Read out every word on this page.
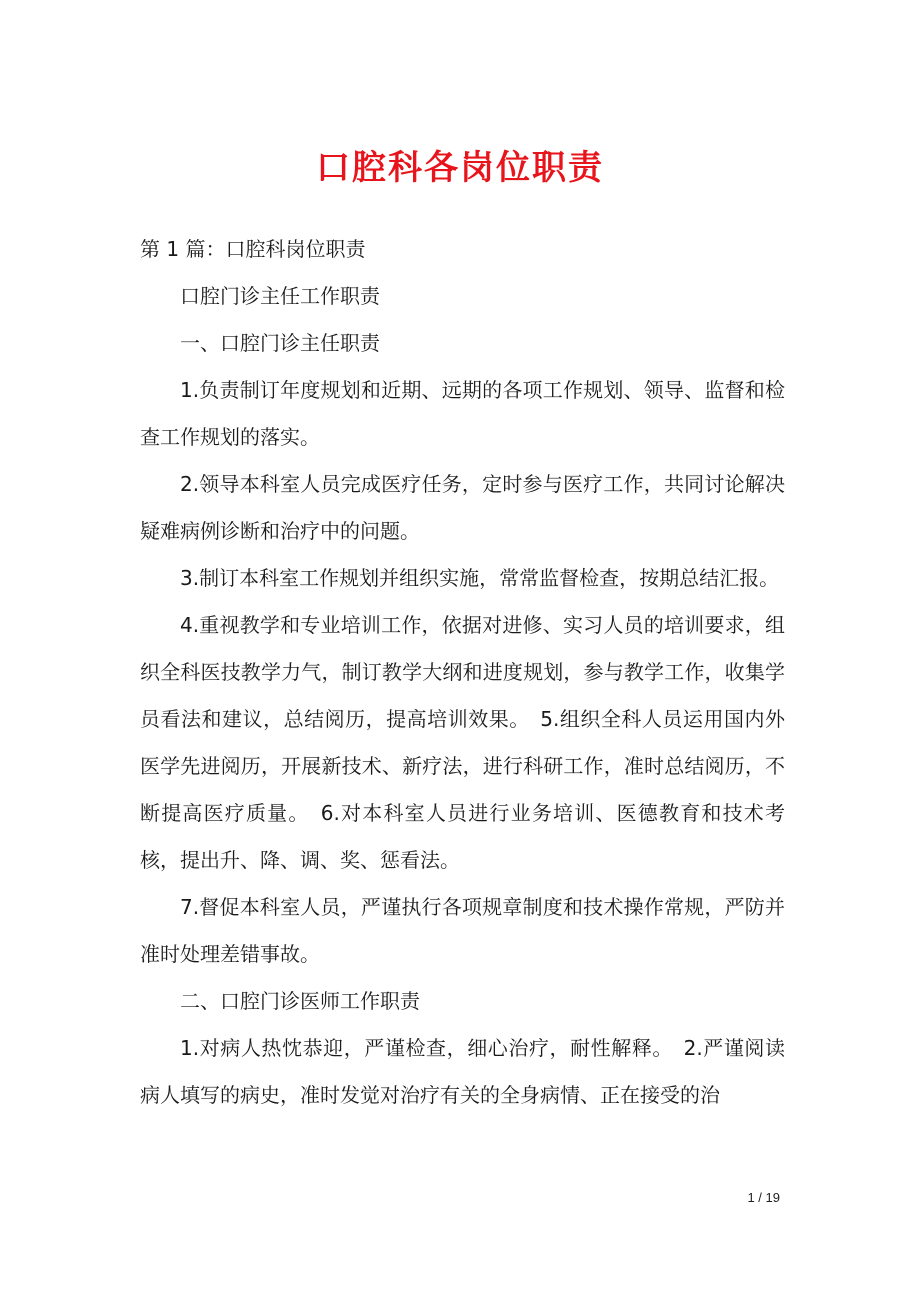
口腔科各岗位职责

第 1 篇：口腔科岗位职责

口腔门诊主任工作职责

一、口腔门诊主任职责

1.负责制订年度规划和近期、远期的各项工作规划、领导、监督和检查工作规划的落实。

2.领导本科室人员完成医疗任务，定时参与医疗工作，共同讨论解决疑难病例诊断和治疗中的问题。

3.制订本科室工作规划并组织实施，常常监督检查，按期总结汇报。

4.重视教学和专业培训工作，依据对进修、实习人员的培训要求，组织全科医技教学力气，制订教学大纲和进度规划，参与教学工作，收集学员看法和建议，总结阅历，提高培训效果。　5.组织全科人员运用国内外医学先进阅历，开展新技术、新疗法，进行科研工作，准时总结阅历，不断提高医疗质量。　6.对本科室人员进行业务培训、医德教育和技术考核，提出升、降、调、奖、惩看法。

7.督促本科室人员，严谨执行各项规章制度和技术操作常规，严防并准时处理差错事故。

二、口腔门诊医师工作职责

1.对病人热忱恭迎，严谨检查，细心治疗，耐性解释。　2.严谨阅读病人填写的病史，准时发觉对治疗有关的全身病情、正在接受的治

1 / 19
